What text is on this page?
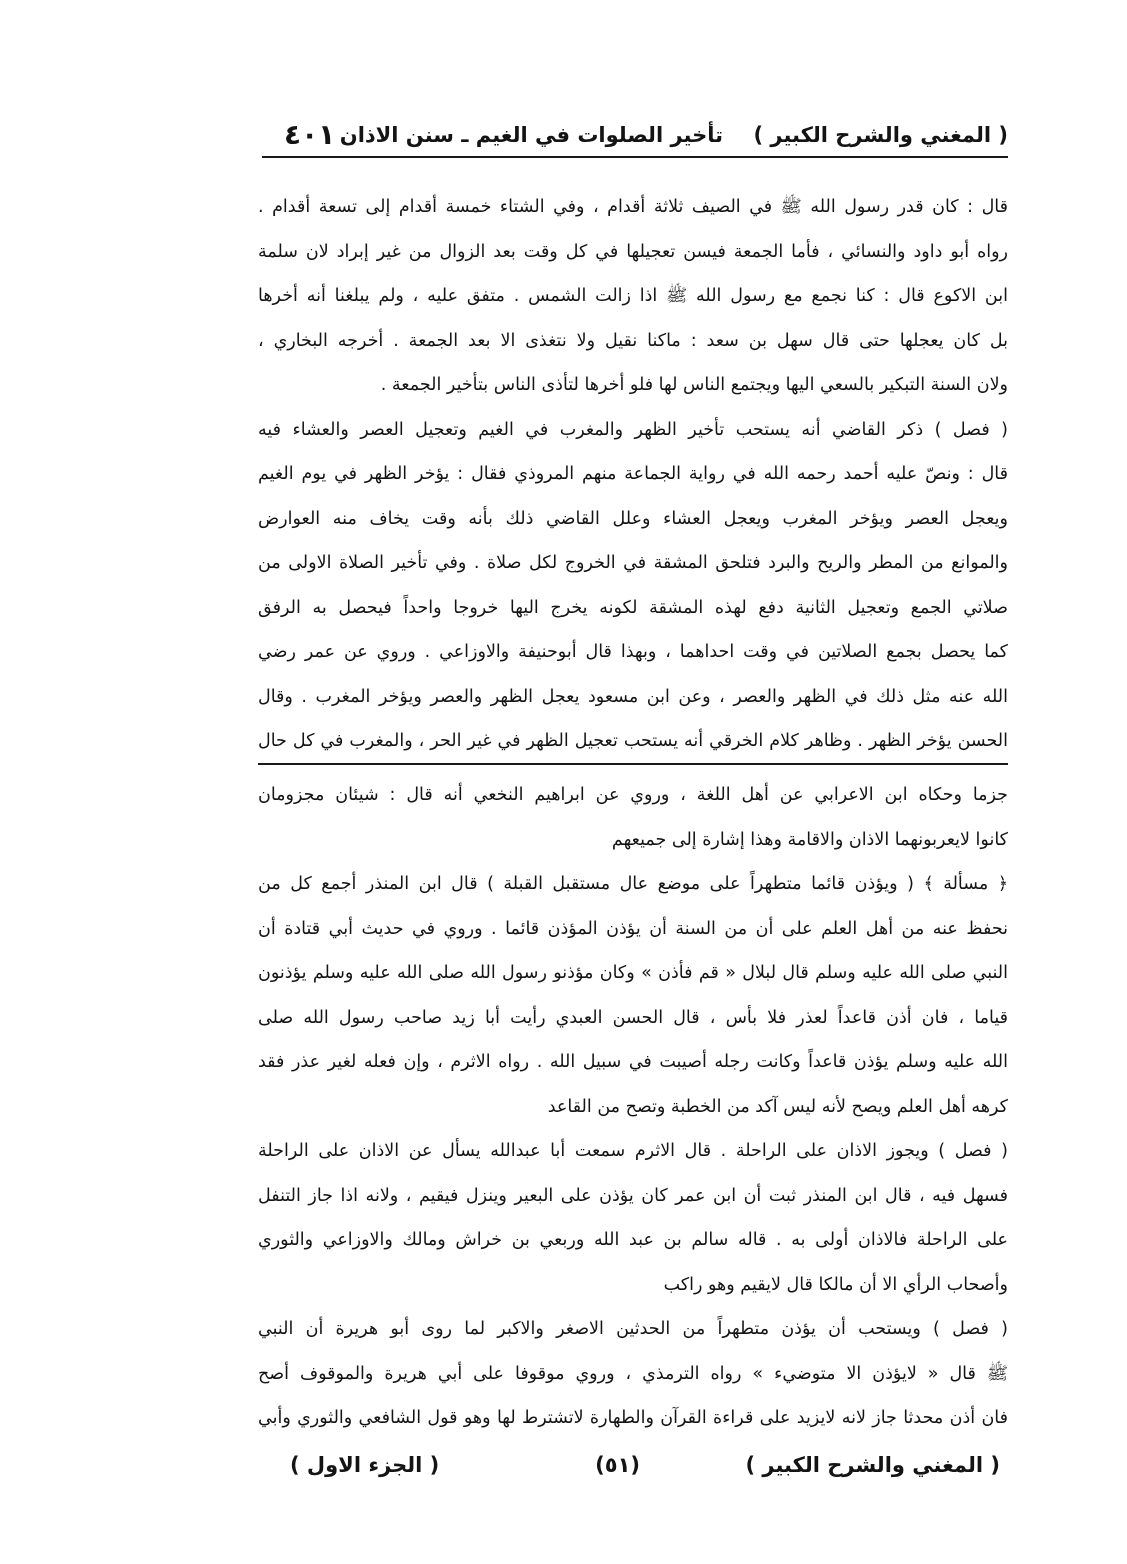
( المغني والشرح الكبير )
تأخير الصلوات في الغيم ـ سنن الاذان
٤٠١
قال : كان قدر رسول الله ﷺ في الصيف ثلاثة أقدام ، وفي الشتاء خمسة أقدام إلى تسعة أقدام .
رواه أبو داود والنسائي ، فأما الجمعة فيسن تعجيلها في كل وقت بعد الزوال من غير إبراد لان سلمة
ابن الاكوع قال : كنا نجمع مع رسول الله ﷺ اذا زالت الشمس . متفق عليه ، ولم يبلغنا أنه أخرها
بل كان يعجلها حتى قال سهل بن سعد : ماكنا نقيل ولا نتغذى الا بعد الجمعة . أخرجه البخاري ،
ولان السنة التبكير بالسعي اليها ويجتمع الناس لها فلو أخرها لتأذى الناس بتأخير الجمعة .
( فصل ) ذكر القاضي أنه يستحب تأخير الظهر والمغرب في الغيم وتعجيل العصر والعشاء فيه
قال : ونصّ عليه أحمد رحمه الله في رواية الجماعة منهم المروذي فقال : يؤخر الظهر في يوم الغيم
ويعجل العصر ويؤخر المغرب ويعجل العشاء وعلل القاضي ذلك بأنه وقت يخاف منه العوارض
والموانع من المطر والريح والبرد فتلحق المشقة في الخروج لكل صلاة . وفي تأخير الصلاة الاولى من
صلاتي الجمع وتعجيل الثانية دفع لهذه المشقة لكونه يخرج اليها خروجا واحداً فيحصل به الرفق
كما يحصل بجمع الصلاتين في وقت احداهما ، وبهذا قال أبوحنيفة والاوزاعي . وروي عن عمر رضي
الله عنه مثل ذلك في الظهر والعصر ، وعن ابن مسعود يعجل الظهر والعصر ويؤخر المغرب . وقال
الحسن يؤخر الظهر . وظاهر كلام الخرقي أنه يستحب تعجيل الظهر في غير الحر ، والمغرب في كل حال
جزما وحكاه ابن الاعرابي عن أهل اللغة ، وروي عن ابراهيم النخعي أنه قال : شيئان مجزومان
كانوا لايعربونهما الاذان والاقامة وهذا إشارة إلى جميعهم
﴿ مسألة ﴾ ( ويؤذن قائما متطهراً على موضع عال مستقبل القبلة ) قال ابن المنذر أجمع كل من
نحفظ عنه من أهل العلم على أن من السنة أن يؤذن المؤذن قائما . وروي في حديث أبي قتادة أن
النبي صلى الله عليه وسلم قال لبلال « قم فأذن » وكان مؤذنو رسول الله صلى الله عليه وسلم يؤذنون
قياما ، فان أذن قاعداً لعذر فلا بأس ، قال الحسن العبدي رأيت أبا زيد صاحب رسول الله صلى
الله عليه وسلم يؤذن قاعداً وكانت رجله أصيبت في سبيل الله . رواه الاثرم ، وإن فعله لغير عذر فقد
كرهه أهل العلم ويصح لأنه ليس آكد من الخطبة وتصح من القاعد
( فصل ) ويجوز الاذان على الراحلة . قال الاثرم سمعت أبا عبدالله يسأل عن الاذان على الراحلة
فسهل فيه ، قال ابن المنذر ثبت أن ابن عمر كان يؤذن على البعير وينزل فيقيم ، ولانه اذا جاز التنفل
على الراحلة فالاذان أولى به . قاله سالم بن عبد الله وربعي بن خراش ومالك والاوزاعي والثوري
وأصحاب الرأي الا أن مالكا قال لايقيم وهو راكب
( فصل ) ويستحب أن يؤذن متطهراً من الحدثين الاصغر والاكبر لما روى أبو هريرة أن النبي
ﷺ قال « لايؤذن الا متوضيء » رواه الترمذي ، وروي موقوفا على أبي هريرة والموقوف أصح
فان أذن محدثا جاز لانه لايزيد على قراءة القرآن والطهارة لاتشترط لها وهو قول الشافعي والثوري وأبي
( المغني والشرح الكبير )
(٥١)
( الجزء الاول )
